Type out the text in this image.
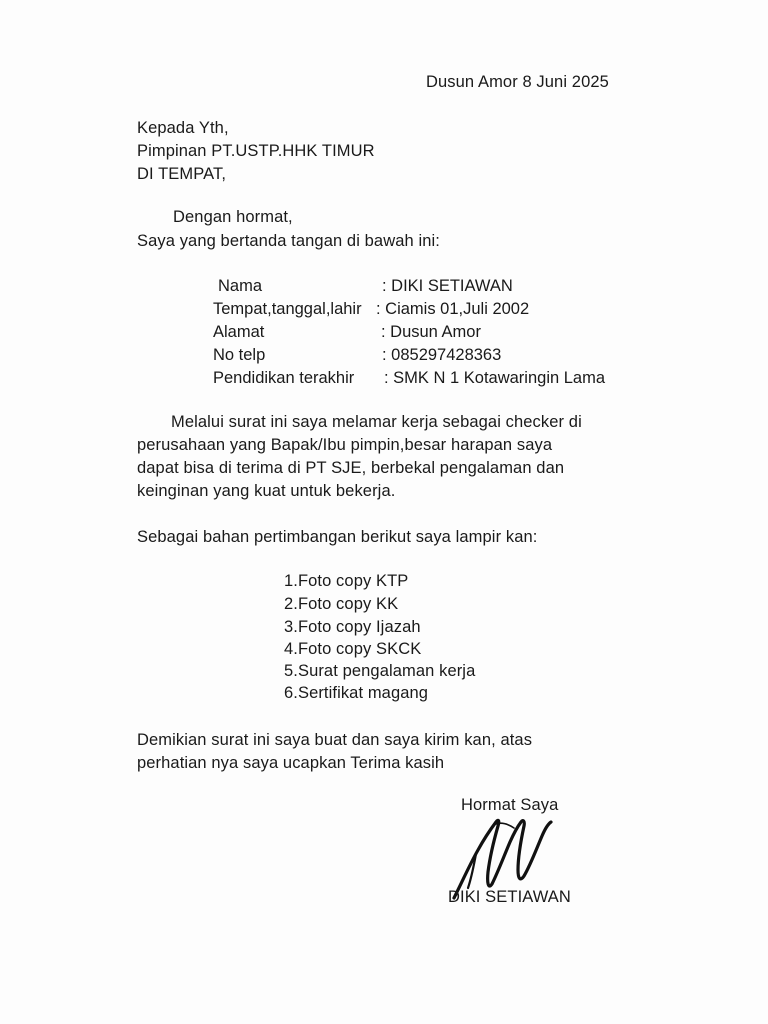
Dusun Amor 8 Juni 2025
Kepada Yth,
Pimpinan PT.USTP.HHK TIMUR
DI TEMPAT,
Dengan hormat,
Saya yang bertanda tangan di bawah ini:
Nama	: DIKI SETIAWAN
Tempat,tanggal,lahir : Ciamis 01,Juli 2002
Alamat	: Dusun Amor
No telp	: 085297428363
Pendidikan terakhir : SMK N 1 Kotawaringin Lama
Melalui surat ini saya melamar kerja sebagai checker di
perusahaan yang Bapak/Ibu pimpin,besar harapan saya
dapat bisa di terima di PT SJE, berbekal pengalaman dan
keinginan yang kuat untuk bekerja.
Sebagai bahan pertimbangan berikut saya lampir kan:
1.Foto copy KTP
2.Foto copy KK
3.Foto copy Ijazah
4.Foto copy SKCK
5.Surat pengalaman kerja
6.Sertifikat magang
Demikian surat ini saya buat dan saya kirim kan, atas
perhatian nya saya ucapkan Terima kasih
Hormat Saya
DIKI SETIAWAN
